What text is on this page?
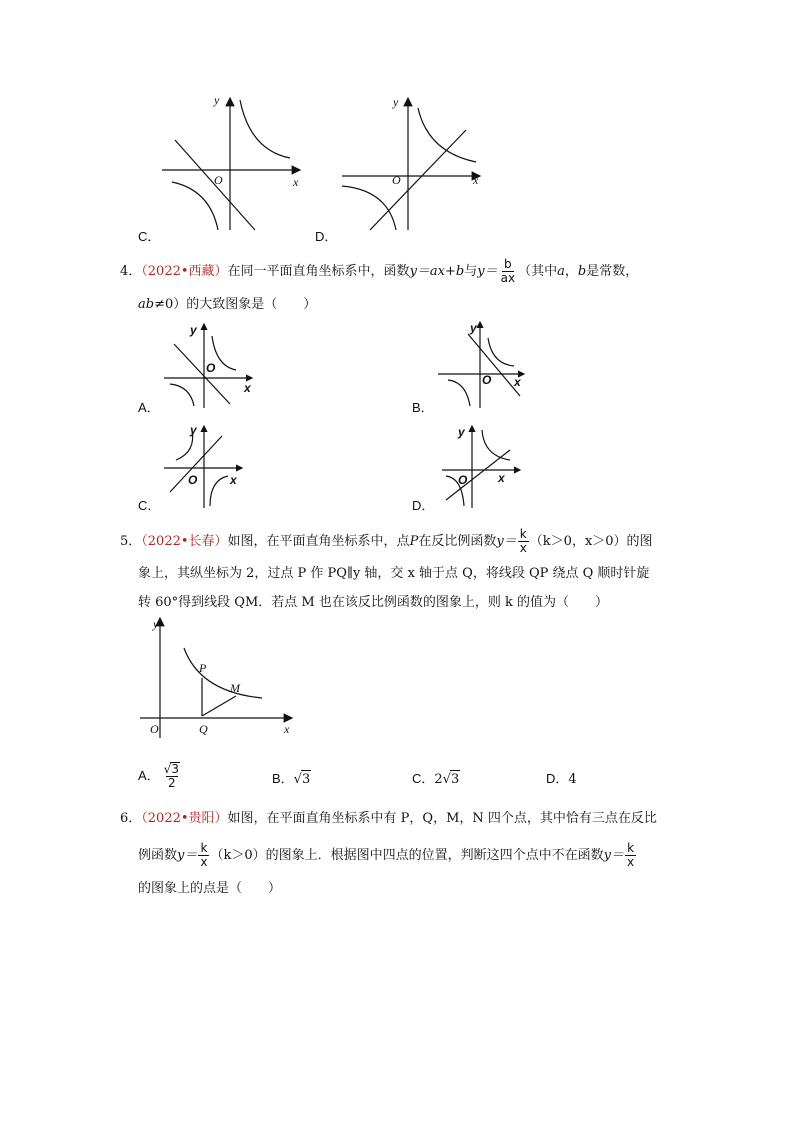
y
x
O
C．
y
x
O
D．
4．（2022•西藏）在同一平面直角坐标系中，函数y＝ax+b与$y= \frac{b}{ax}$ （其中a，b是常数，
ab≠0）的大致图象是（　　）
y
x
O
A．
y
x
O
B．
y
x
O
C．
y
x
O
D．
5．（2022•长春）如图，在平面直角坐标系中，点P在反比例函数$y= \frac{k}{x} (k>0$，x＞0）的图
象上，其纵坐标为 2，过点 P 作 PQ∥y 轴，交 x 轴于点 Q，将线段 QP 绕点 Q 顺时针旋
转 60°得到线段 QM．若点 M 也在该反比例函数的图象上，则 k 的值为（　　）
y
x
O
P
Q
M
A． $\frac{√ 3}{2}$	B．√ 3	C．2√ 3	D．4
6．（2022•贵阳）如图，在平面直角坐标系中有 P，Q，M，N 四个点，其中恰有三点在反比
例函数$y= \frac{k}{x} (k>0)$的图象上．根据图中四点的位置，判断这四个点中不在函数$y= \frac{k}{x}$
的图象上的点是（　　）
